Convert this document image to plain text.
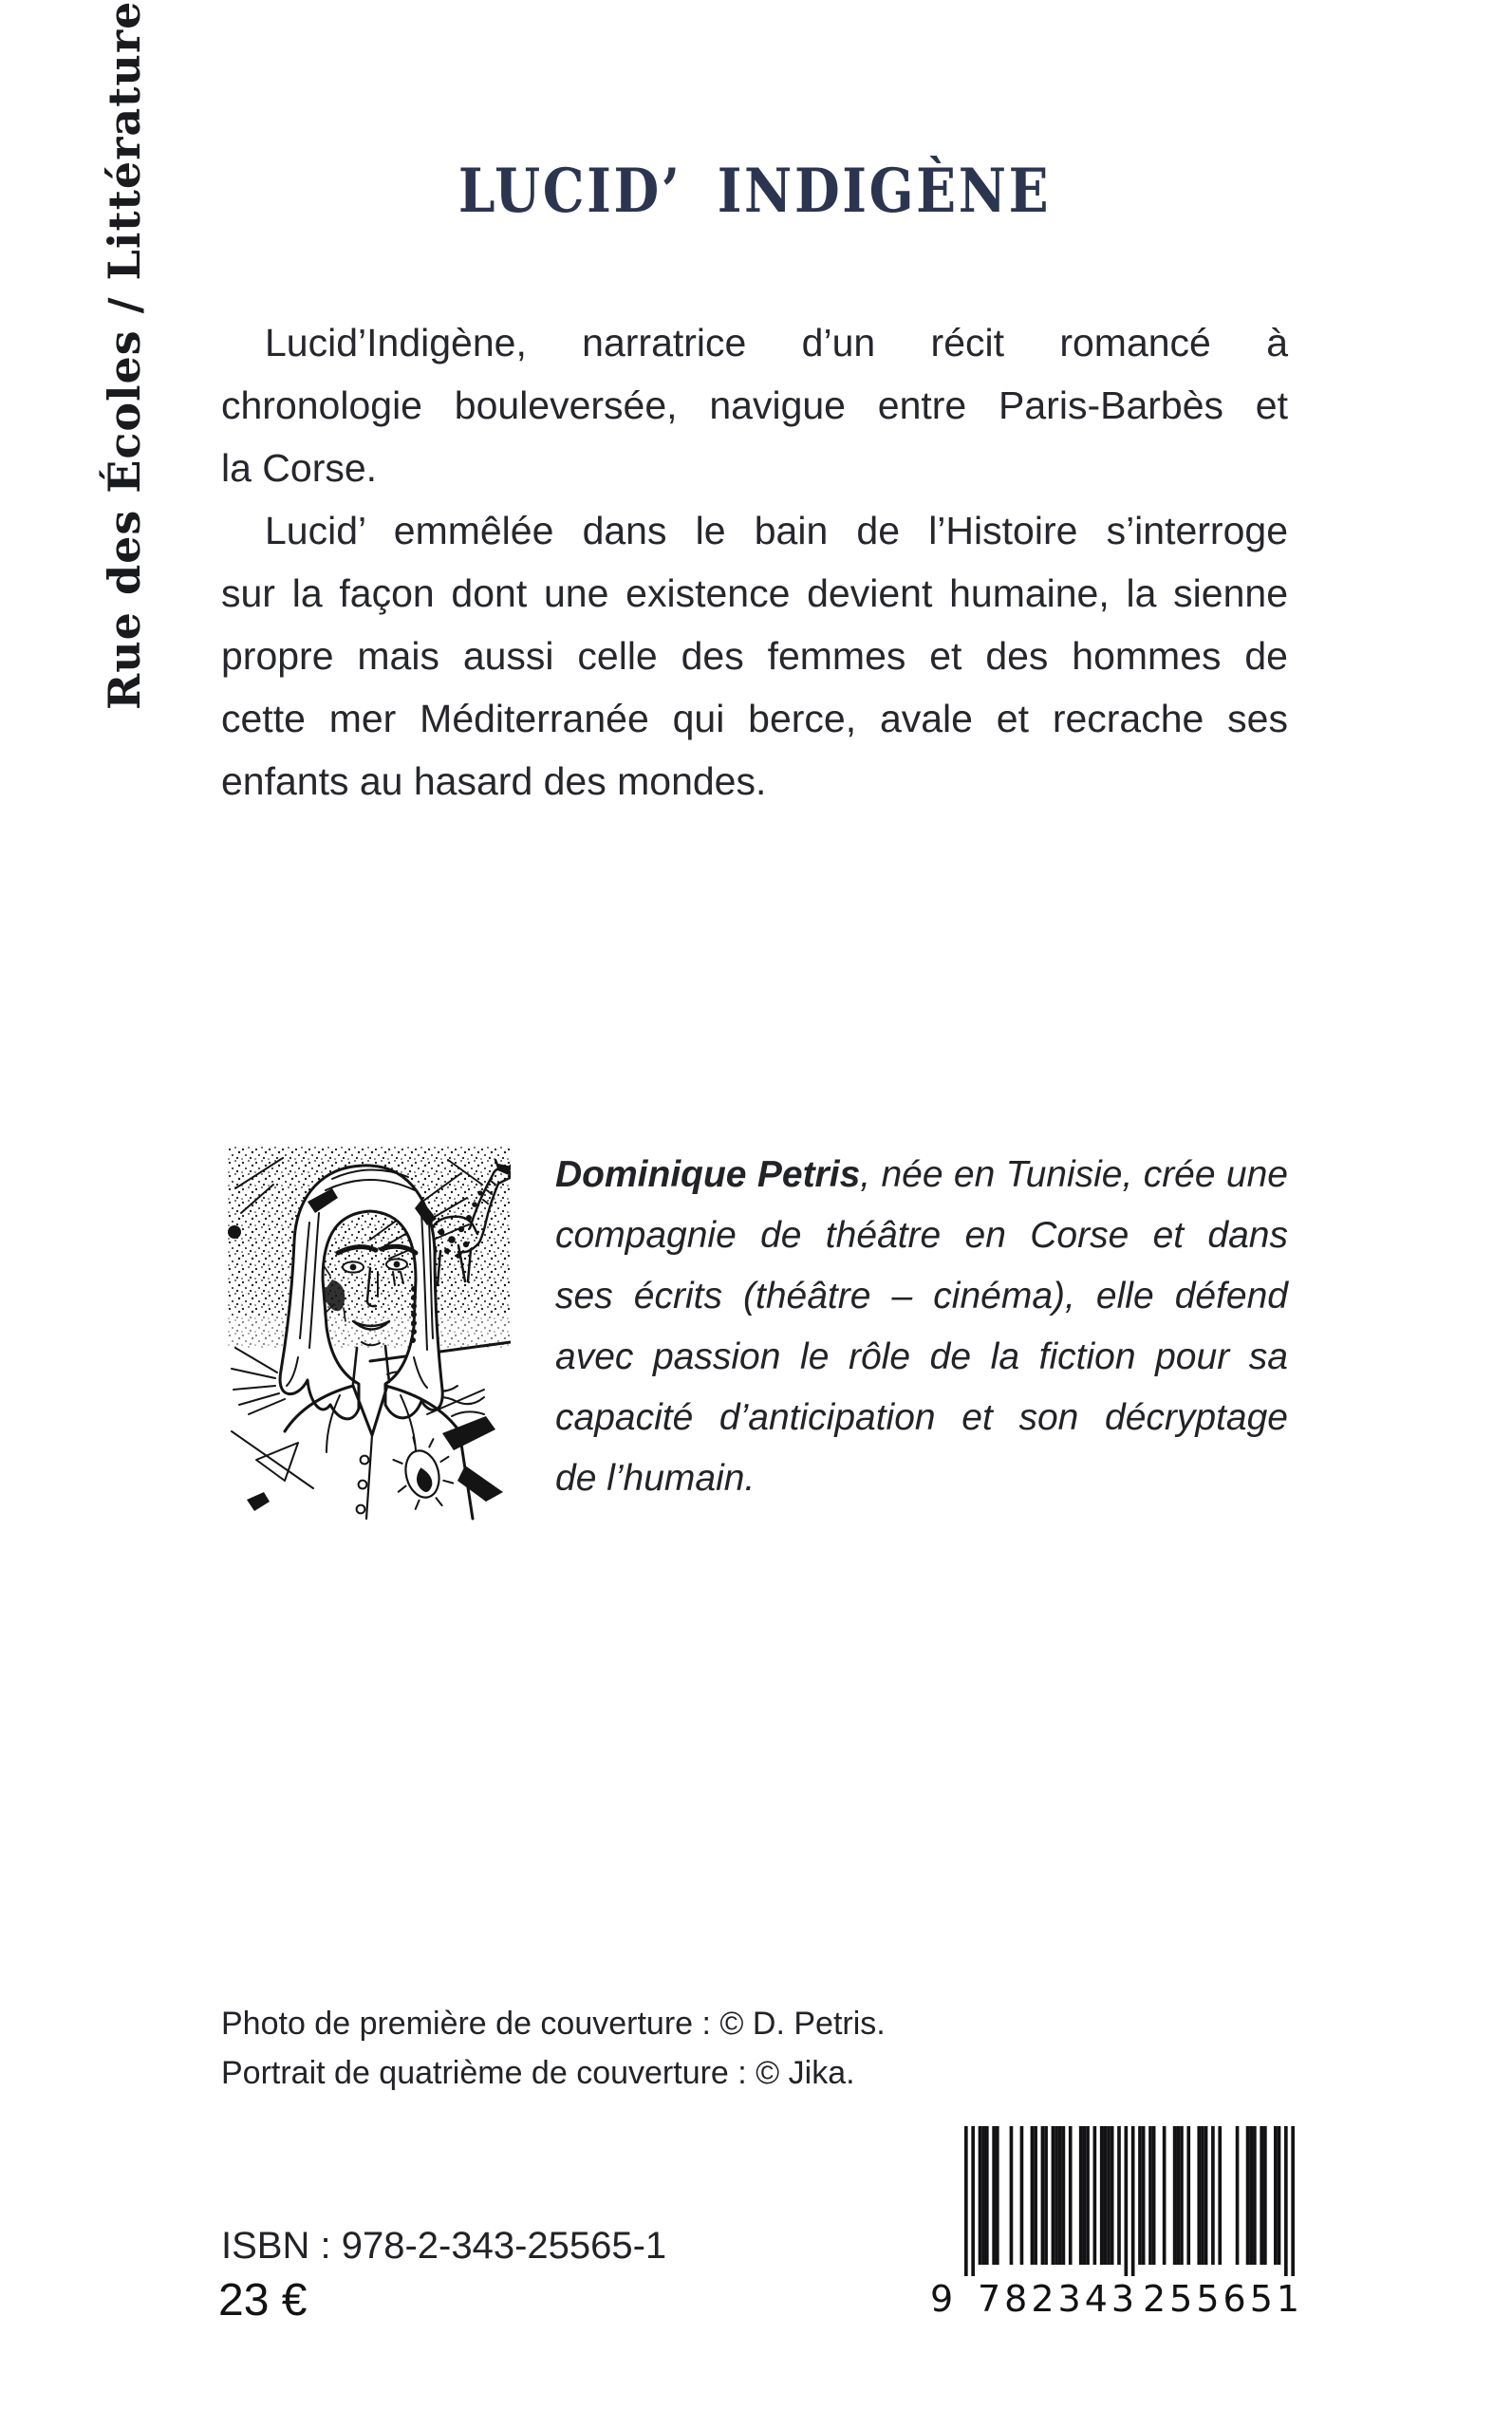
Rue des Écoles / Littérature	LUCID’ INDIGÈNE
Lucid’Indigène, narratrice d’un récit romancé à
chronologie bouleversée, navigue entre Paris-Barbès et
la Corse.
Lucid’ emmêlée dans le bain de l’Histoire s’interroge
sur la façon dont une existence devient humaine, la sienne
propre mais aussi celle des femmes et des hommes de
cette mer Méditerranée qui berce, avale et recrache ses
enfants au hasard des mondes.
Dominique Petris, née en Tunisie, crée une
compagnie de théâtre en Corse et dans
ses écrits (théâtre – cinéma), elle défend
avec passion le rôle de la fiction pour sa
capacité d’anticipation et son décryptage
de l’humain.
Photo de première de couverture : © D. Petris.
Portrait de quatrième de couverture : © Jika.
ISBN : 978-2-343-25565-1
23 €	9 782343 255651
